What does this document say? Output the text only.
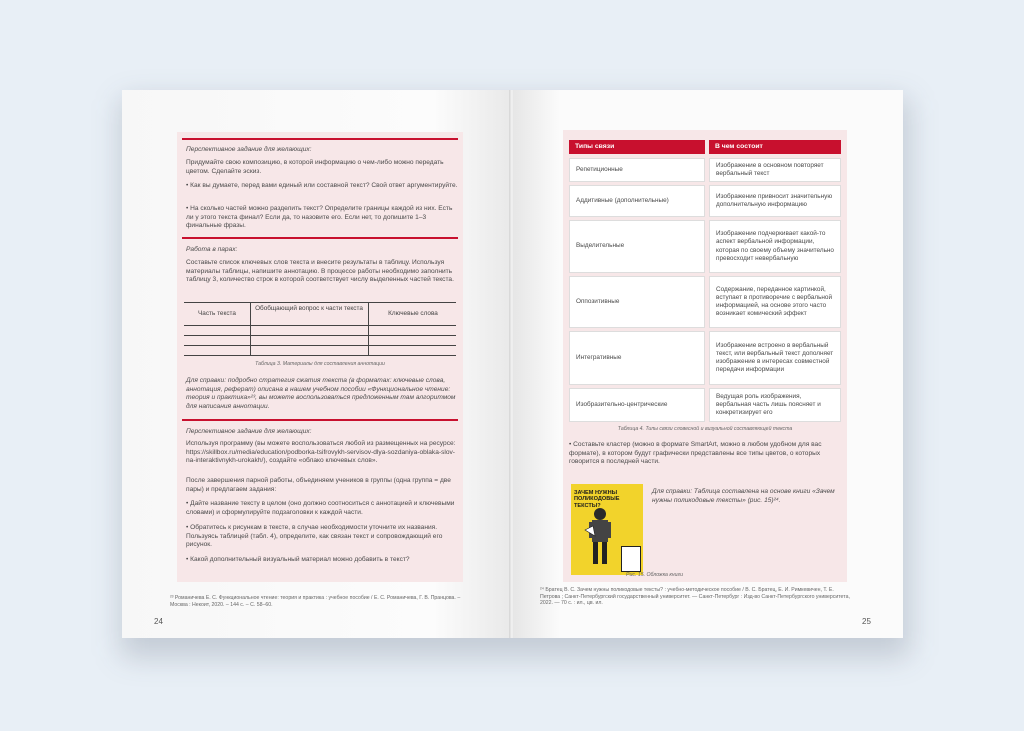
Перспективное задание для желающих:
Придумайте свою композицию, в которой информацию о чем-либо можно передать цветом. Сделайте эскиз.
• Как вы думаете, перед вами единый или составной текст? Свой ответ аргументируйте.
• На сколько частей можно разделить текст? Определите границы каждой из них. Есть ли у этого текста финал? Если да, то назовите его. Если нет, то допишите 1–3 финальные фразы.
Работа в парах:
Составьте список ключевых слов текста и внесите результаты в таблицу. Используя материалы таблицы, напишите аннотацию. В процессе работы необходимо заполнить таблицу 3, количество строк в которой соответствует числу выделенных частей текста.
Часть текста
Обобщающий вопрос к части текста
Ключевые слова
Таблица 3. Материалы для составления аннотации
Для справки: подробно стратегия сжатия текста (в форматах: ключевые слова, аннотация, реферат) описана в нашем учебном пособии «Функциональное чтение: теория и практика»²³, вы можете воспользоваться предложенным там алгоритмом для написания аннотации.
Перспективное задание для желающих:
Используя программу (вы можете воспользоваться любой из размещенных на ресурсе: https://skillbox.ru/media/education/podborka-tsifrovykh-servisov-dlya-sozdaniya-oblaka-slov-na-interaktivnykh-urokakh/), создайте «облако ключевых слов».
После завершения парной работы, объединяем учеников в группы (одна группа = две пары) и предлагаем задания:
• Дайте название тексту в целом (оно должно соотноситься с аннотацией и ключевыми словами) и сформулируйте подзаголовки к каждой части.
• Обратитесь к рисункам в тексте, в случае необходимости уточните их названия. Пользуясь таблицей (табл. 4), определите, как связан текст и сопровождающий его рисунок.
• Какой дополнительный визуальный материал можно добавить в текст?
²³ Романичева Е. С. Функциональное чтение: теория и практика : учебное пособие / Е. С. Романичева, Г. В. Пранцова. – Москва : Некоит, 2020. – 144 с. – С. 58–60.
24
Типы связи	В чем состоит
Репетиционные
Изображение в основном повторяет вербальный текст
Аддитивные (дополнительные)
Изображение привносит значительную дополнительную информацию
Выделительные
Изображение подчеркивает какой-то аспект вербальной информации, которая по своему объему значительно превосходит невербальную
Оппозитивные
Содержание, переданное картинкой, вступает в противоречие с вербальной информацией, на основе этого часто возникает комический эффект
Интегративные
Изображение встроено в вербальный текст, или вербальный текст дополняет изображение в интересах совместной передачи информации
Изобразительно-центрические
Ведущая роль изображения, вербальная часть лишь поясняет и конкретизирует его
Таблица 4. Типы связи словесной и визуальной составляющей текста
• Составьте кластер (можно в формате SmartArt, можно в любом удобном для вас формате), в котором будут графически представлены все типы цветов, о которых говорится в последней части.
ЗАЧЕМ НУЖНЫ ПОЛИКОДОВЫЕ ТЕКСТЫ?
Для справки: Таблица составлена на основе книги «Зачем нужны поликодовые тексты» (рис. 15)²⁴.
Рис. 15. Обложка книги
²⁴ Братец В. С. Зачем нужны поликодовые тексты? : учебно-методическое пособие / В. С. Братец, Е. И. Римкевичен, Т. Е. Петрова ; Санкт-Петербургский государственный университет. — Санкт-Петербург : Изд-во Санкт-Петербургского университета, 2022. — 70 с. : ил., цв. ил.
25
